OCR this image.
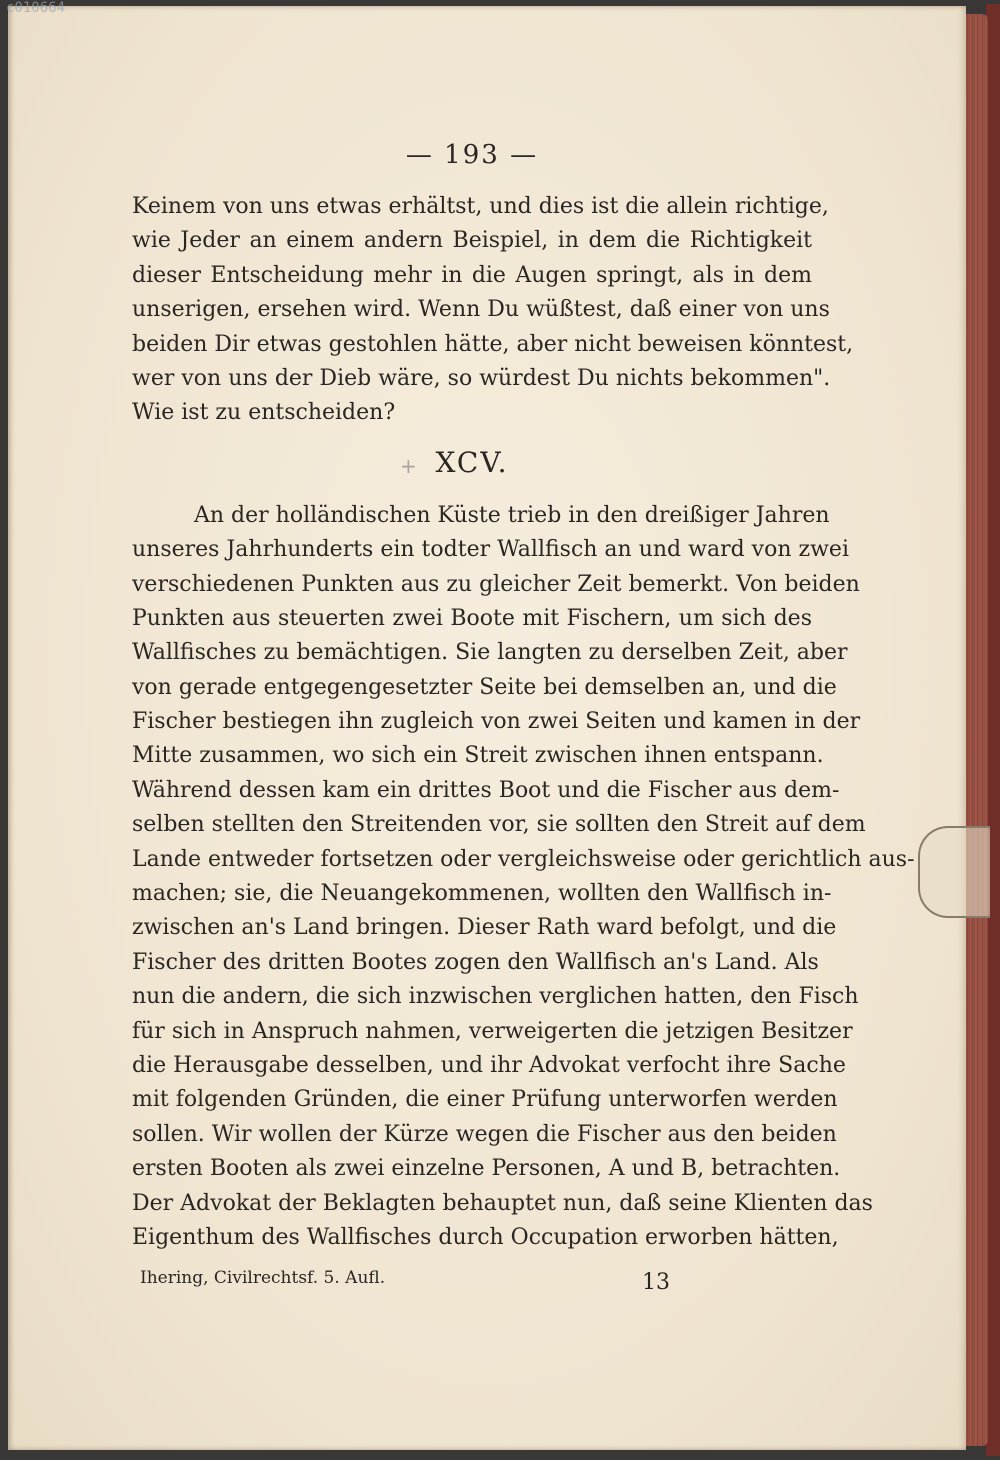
c010664
— 193 —
Keinem von uns etwas erhältst, und dies ist die allein richtige,
wie Jeder an einem andern Beispiel, in dem die Richtigkeit
dieser Entscheidung mehr in die Augen springt, als in dem
unserigen, ersehen wird. Wenn Du wüßtest, daß einer von uns
beiden Dir etwas gestohlen hätte, aber nicht beweisen könntest,
wer von uns der Dieb wäre, so würdest Du nichts bekommen".
Wie ist zu entscheiden?
XCV.
An der holländischen Küste trieb in den dreißiger Jahren
unseres Jahrhunderts ein todter Wallfisch an und ward von zwei
verschiedenen Punkten aus zu gleicher Zeit bemerkt. Von beiden
Punkten aus steuerten zwei Boote mit Fischern, um sich des
Wallfisches zu bemächtigen. Sie langten zu derselben Zeit, aber
von gerade entgegengesetzter Seite bei demselben an, und die
Fischer bestiegen ihn zugleich von zwei Seiten und kamen in der
Mitte zusammen, wo sich ein Streit zwischen ihnen entspann.
Während dessen kam ein drittes Boot und die Fischer aus dem-
selben stellten den Streitenden vor, sie sollten den Streit auf dem
Lande entweder fortsetzen oder vergleichsweise oder gerichtlich aus-
machen; sie, die Neuangekommenen, wollten den Wallfisch in-
zwischen an's Land bringen. Dieser Rath ward befolgt, und die
Fischer des dritten Bootes zogen den Wallfisch an's Land. Als
nun die andern, die sich inzwischen verglichen hatten, den Fisch
für sich in Anspruch nahmen, verweigerten die jetzigen Besitzer
die Herausgabe desselben, und ihr Advokat verfocht ihre Sache
mit folgenden Gründen, die einer Prüfung unterworfen werden
sollen. Wir wollen der Kürze wegen die Fischer aus den beiden
ersten Booten als zwei einzelne Personen, A und B, betrachten.
Der Advokat der Beklagten behauptet nun, daß seine Klienten das
Eigenthum des Wallfisches durch Occupation erworben hätten,
+
Ihering, Civilrechtsf. 5. Aufl.	13
